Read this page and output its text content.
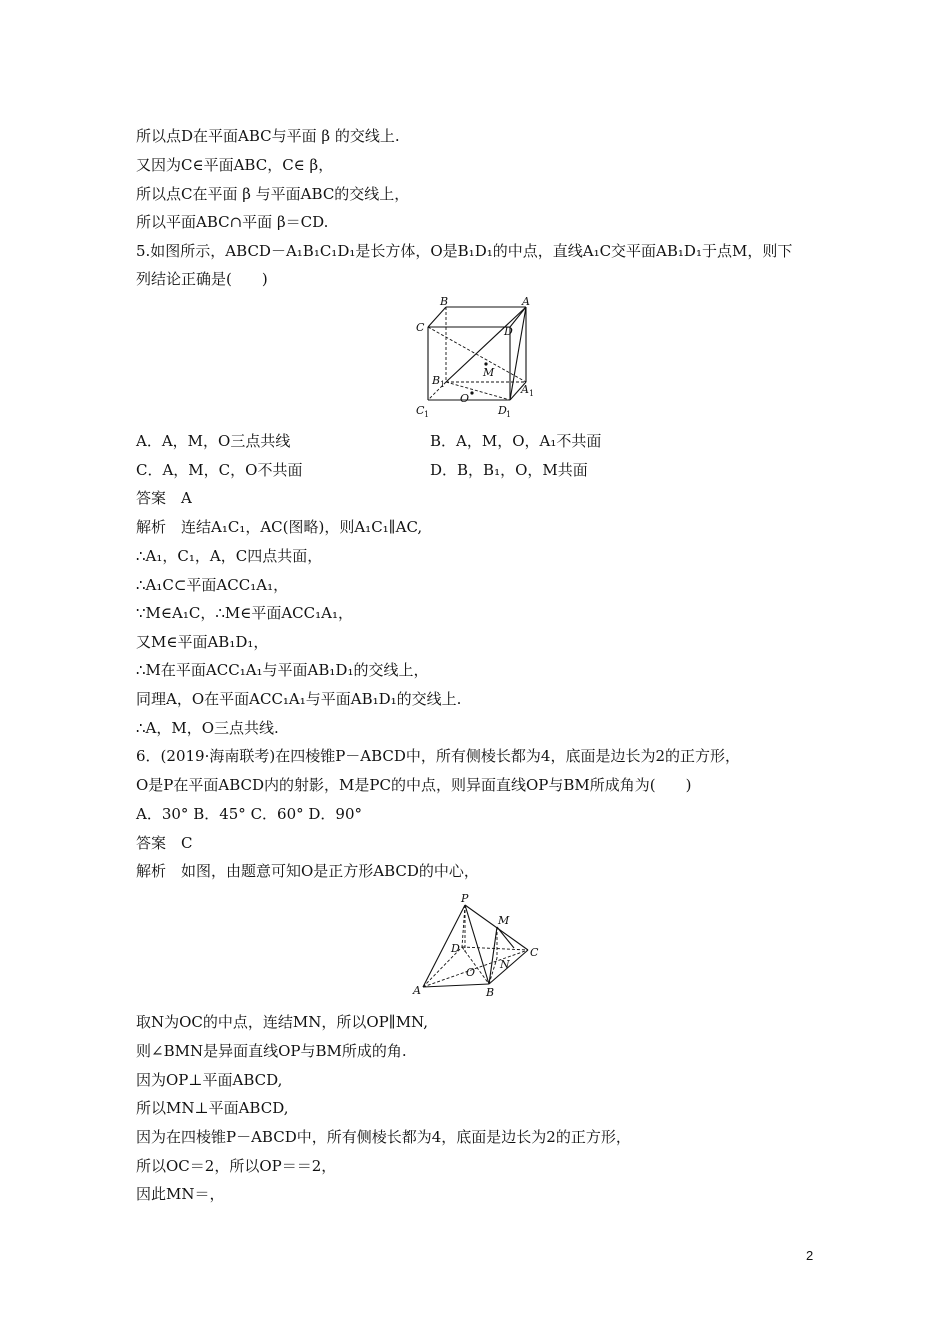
所以点D在平面ABC与平面 β 的交线上.
又因为C∈平面ABC，C∈ β，
所以点C在平面 β 与平面ABC的交线上，
所以平面ABC∩平面 β＝CD.
5.如图所示，ABCD－A₁B₁C₁D₁是长方体，O是B₁D₁的中点，直线A₁C交平面AB₁D₁于点M，则下
列结论正确是(　　)
B	A
C	D
M
B 1	A 1
O
C 1	D 1
A．A，M，O三点共线	B．A，M，O，A₁不共面
C．A，M，C，O不共面	D．B，B₁，O，M共面
答案　A
解析　连结A₁C₁，AC(图略)，则A₁C₁∥AC,
∴A₁，C₁，A，C四点共面，
∴A₁C⊂平面ACC₁A₁，
∵M∈A₁C，∴M∈平面ACC₁A₁，
又M∈平面AB₁D₁，
∴M在平面ACC₁A₁与平面AB₁D₁的交线上，
同理A，O在平面ACC₁A₁与平面AB₁D₁的交线上.
∴A，M，O三点共线.
6．(2019·海南联考)在四棱锥P－ABCD中，所有侧棱长都为4，底面是边长为2的正方形，
O是P在平面ABCD内的射影，M是PC的中点，则异面直线OP与BM所成角为(　　)
A．30° B．45° C．60° D．90°
答案　C
解析　如图，由题意可知O是正方形ABCD的中心，
P
M
D	C
O
N
A	B
取N为OC的中点，连结MN，所以OP∥MN,
则∠BMN是异面直线OP与BM所成的角.
因为OP⊥平面ABCD,
所以MN⊥平面ABCD,
因为在四棱锥P－ABCD中，所有侧棱长都为4，底面是边长为2的正方形，
所以OC＝2，所以OP＝＝2，
因此MN＝，
2
